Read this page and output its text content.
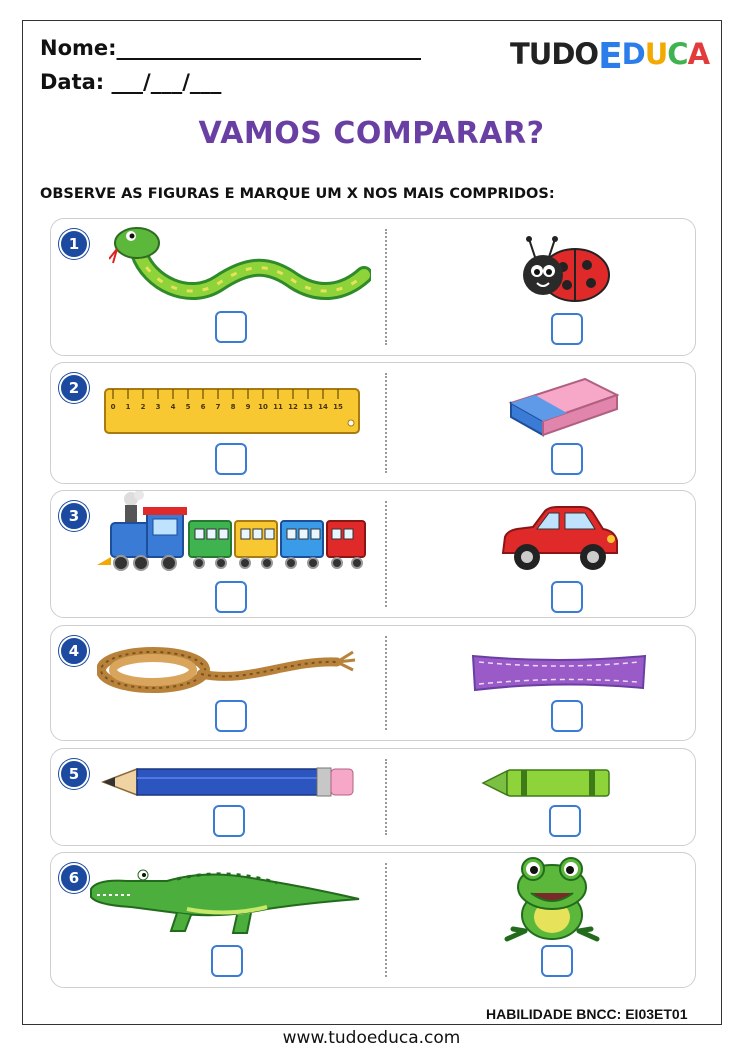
Nome:_____________________________
Data: ___/___/___
TUDOEDUCA
VAMOS COMPARAR?
OBSERVE AS FIGURAS E MARQUE UM X NOS MAIS COMPRIDOS:
1
2
0 1 2 3 4 5 6 7 8 9 10 11 12 13 14 15
3
4
5
6
HABILIDADE BNCC: EI03ET01
www.tudoeduca.com
